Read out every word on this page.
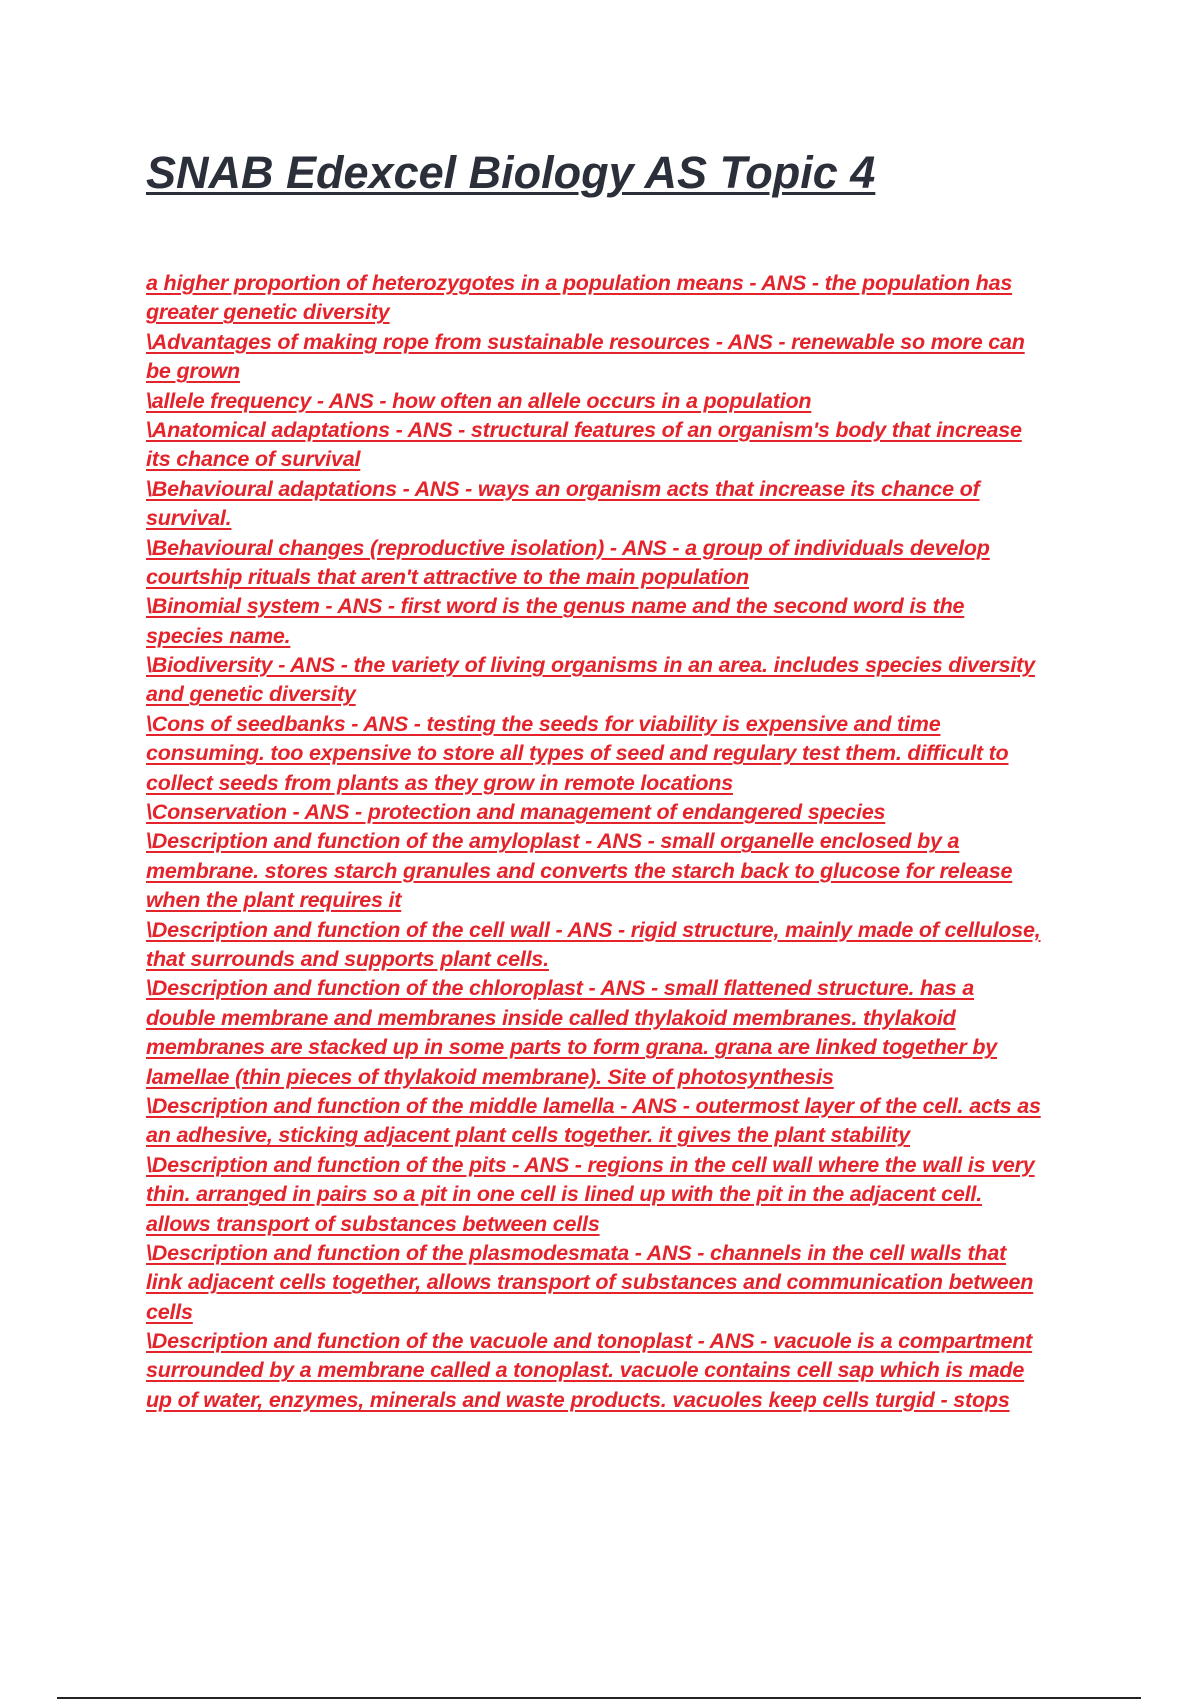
SNAB Edexcel Biology AS Topic 4
a higher proportion of heterozygotes in a population means - ANS - the population has
greater genetic diversity
\Advantages of making rope from sustainable resources - ANS - renewable so more can
be grown
\allele frequency - ANS - how often an allele occurs in a population
\Anatomical adaptations - ANS - structural features of an organism's body that increase
its chance of survival
\Behavioural adaptations - ANS - ways an organism acts that increase its chance of
survival.
\Behavioural changes (reproductive isolation) - ANS - a group of individuals develop
courtship rituals that aren't attractive to the main population
\Binomial system - ANS - first word is the genus name and the second word is the
species name.
\Biodiversity - ANS - the variety of living organisms in an area. includes species diversity
and genetic diversity
\Cons of seedbanks - ANS - testing the seeds for viability is expensive and time
consuming. too expensive to store all types of seed and regulary test them. difficult to
collect seeds from plants as they grow in remote locations
\Conservation - ANS - protection and management of endangered species
\Description and function of the amyloplast - ANS - small organelle enclosed by a
membrane. stores starch granules and converts the starch back to glucose for release
when the plant requires it
\Description and function of the cell wall - ANS - rigid structure, mainly made of cellulose,
that surrounds and supports plant cells.
\Description and function of the chloroplast - ANS - small flattened structure. has a
double membrane and membranes inside called thylakoid membranes. thylakoid
membranes are stacked up in some parts to form grana. grana are linked together by
lamellae (thin pieces of thylakoid membrane). Site of photosynthesis
\Description and function of the middle lamella - ANS - outermost layer of the cell. acts as
an adhesive, sticking adjacent plant cells together. it gives the plant stability
\Description and function of the pits - ANS - regions in the cell wall where the wall is very
thin. arranged in pairs so a pit in one cell is lined up with the pit in the adjacent cell.
allows transport of substances between cells
\Description and function of the plasmodesmata - ANS - channels in the cell walls that
link adjacent cells together, allows transport of substances and communication between
cells
\Description and function of the vacuole and tonoplast - ANS - vacuole is a compartment
surrounded by a membrane called a tonoplast. vacuole contains cell sap which is made
up of water, enzymes, minerals and waste products. vacuoles keep cells turgid - stops
